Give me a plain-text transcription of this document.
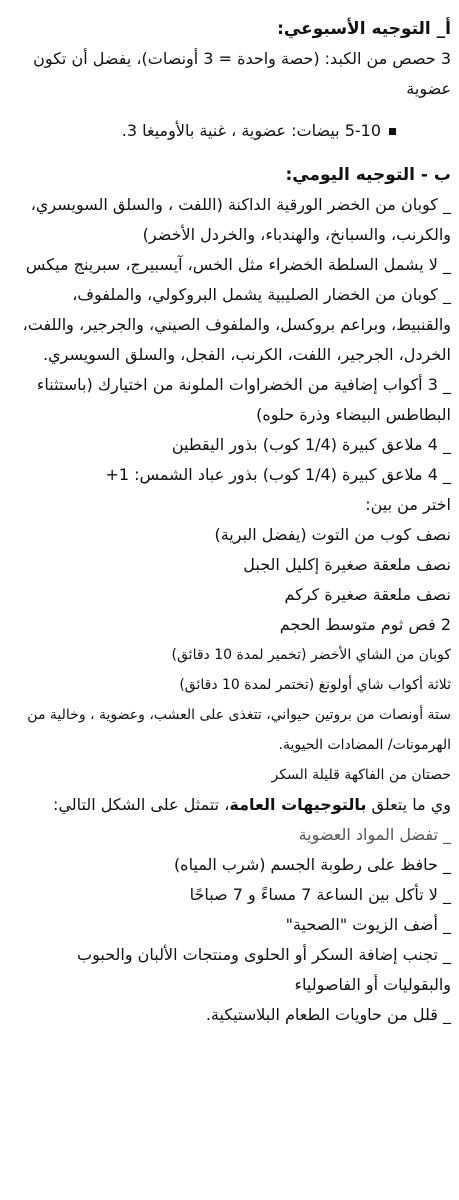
أ_ التوجيه الأسبوعي:

3 حصص من الكبد: (حصة واحدة = 3 أونصات)، يفضل أن تكون عضوية

5-10 بيضات: عضوية ، غنية بالأوميغا 3.

ب - التوجيه اليومي:

_ كوبان من الخضر الورقية الداكنة (اللفت ، والسلق السويسري، والكرنب، والسبانخ، والهندباء، والخردل الأخضر)

_ لا يشمل السلطة الخضراء مثل الخس، آيسبيرج، سبرينج ميكس

_ كوبان من الخضار الصليبية يشمل البروكولي، والملفوف، والقنبيط، وبراعم بروكسل، والملفوف الصيني، والجرجير، واللفت، الخردل، الجرجير، اللفت، الكرنب، الفجل، والسلق السويسري.

_ 3 أكواب إضافية من الخضراوات الملونة من اختيارك (باستثناء البطاطس البيضاء وذرة حلوه)

_ 4 ملاعق كبيرة (1/4 كوب) بذور اليقطين

_ 4 ملاعق كبيرة (1/4 كوب) بذور عباد الشمس: 1+

اختر من بين:

نصف كوب من التوت (يفضل البرية)

نصف ملعقة صغيرة إكليل الجبل

نصف ملعقة صغيرة كركم

2 فص ثوم متوسط الحجم

كوبان من الشاي الأخضر (تخمير لمدة 10 دقائق)

ثلاثة أكواب شاي أولونغ (تختمر لمدة 10 دقائق)

ستة أونصات من بروتين حيواني، تتغذى على العشب، وعضوية ، وخالية من الهرمونات/ المضادات الحيوية.

حصتان من الفاكهة قليلة السكر

وي ما يتعلق بالتوجيهات العامة، تتمثل على الشكل التالي:

_ تفضل المواد العضوية

_ حافظ على رطوبة الجسم (شرب المياه)

_ لا تأكل بين الساعة 7 مساءً و 7 صباحًا

_ أضف الزيوت "الصحية"

_ تجنب إضافة السكر أو الحلوى ومنتجات الألبان والحبوب والبقوليات أو الفاصولياء

_ قلل من حاويات الطعام البلاستيكية.
